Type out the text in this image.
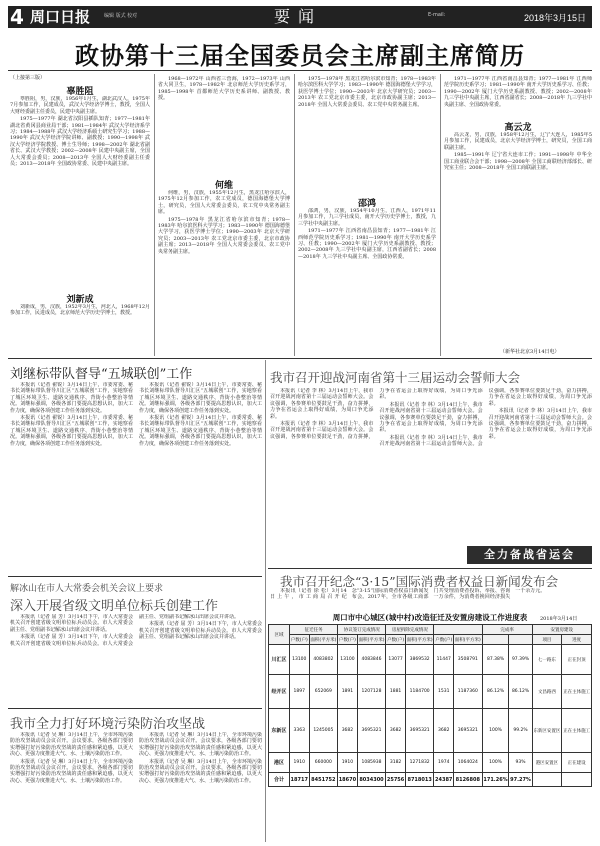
4 周口日报	编辑 版式 校对	要闻	E-mail:	2018年3月15日
政协第十三届全国委员会主席副主席简历
（上接第三版）
辜胜阻

辜胜阻，男，汉族，1956年1月生，湖北武汉人，1975年7月参加工作，民建成员，武汉大学经济学博士，教授，全国人大财经委副主任委员，民建中央副主席。

1975—1977年 湖北省汉阳县插队知青；1977—1981年 湖北省黄冈县商业局干部；1981—1984年 武汉大学经济系学习；1984—1988年 武汉大学经济系硕士研究生学习；1988—1990年 武汉大学经济学院讲师、副教授；1990—1998年 武汉大学经济学院教授、博士生导师；1998—2002年 湖北省副省长、武汉大学教授；2002—2008年 民建中央副主席，全国人大常委会委员；2008—2013年 全国人大财经委副主任委员；2013—2018年 全国政协常委、民建中央副主席。

刘新成

刘新成，男，汉族，1952年3月生，河北人，1968年12月参加工作，民进成员，北京师范大学历史学博士，教授。

1968—1972年 山西省三营海，1972—1973年 山西省大同卫生，1978—1982年 北京师范大学历史系学习，1985—1998年 首都师范大学历史系讲师、副教授、教授。

何维

何维，男，汉族，1955年12月生，黑龙江哈尔滨人，1975年12月参加工作，农工党成员，德国海德堡大学博士，研究员，全国人大常委会委员，农工党中央常务副主席。

1975—1978年 黑龙江省哈尔滨市知青；1978—1983年 哈尔滨医科大学学习；1983—1990年 德国海德堡大学学习，获医学博士学位；1990—2003年 北京大学研究员；2003—2013年 农工党北京市委主委，北京市政协副主席；2013—2018年 全国人大常委会委员、农工党中央常务副主席。

邵鸿

1975—1978年 黑龙江省哈尔滨市知青；1978—1983年 哈尔滨医科大学学习；1983—1990年 德国海德堡大学学习，获医学博士学位；1990—2003年 北京大学研究员；2003—2013年 农工党北京市委主委，北京市政协副主席；2013—2018年 全国人大常委会委员、农工党中央常务副主席。

邵鸿，男，汉族，1954年10月生，江西人，1971年11月参加工作，九三学社成员，南开大学历史学博士，教授，九三学社中央副主席。

1971—1977年 江西省南昌县知青；1977—1981年 江西师范学院历史系学习；1981—1990年 南开大学历史系学习、任教；1990—2002年 厦门大学历史系副教授、教授；2002—2008年 九三学社中央副主席，江西省副省长；2008—2018年 九三学社中央副主席、全国政协常委。

高云龙

1971—1977年 江西省南昌县知青；1977—1981年 江西师范学院历史系学习；1981—1990年 南开大学历史系学习、任教；1990—2002年 厦门大学历史系副教授、教授；2002—2008年 九三学社中央副主席，江西省副省长；2008—2018年 九三学社中央副主席、全国政协常委。

高云龙，男，汉族，1958年12月生，辽宁大连人，1985年5月参加工作，民建成员，北京大学经济学博士，研究员，全国工商联副主席。

1985—1991年 辽宁省大连市工作；1991—1998年 中华全国工商业联合会干部；1998—2008年 全国工商联经济部部长、研究室主任；2008—2018年 全国工商联副主席。

（新华社北京3月14日电）
刘继标带队督导“五城联创”工作

本报讯（记者 翟锐）3月14日上午，市委常委、秘书长刘继标带队督导川汇区“五城联创”工作，实地察看了城区环境卫生、道路交通秩序、背街小巷整治等情况。刘继标强调，各级各部门要提高思想认识，加大工作力度，确保各项创建工作任务落到实处。

本报讯（记者 翟锐）3月14日上午，市委常委、秘书长刘继标带队督导川汇区“五城联创”工作，实地察看了城区环境卫生、道路交通秩序、背街小巷整治等情况。刘继标强调，各级各部门要提高思想认识，加大工作力度，确保各项创建工作任务落到实处。

本报讯（记者 翟锐）3月14日上午，市委常委、秘书长刘继标带队督导川汇区“五城联创”工作，实地察看了城区环境卫生、道路交通秩序、背街小巷整治等情况。刘继标强调，各级各部门要提高思想认识，加大工作力度，确保各项创建工作任务落到实处。

本报讯（记者 翟锐）3月14日上午，市委常委、秘书长刘继标带队督导川汇区“五城联创”工作，实地察看了城区环境卫生、道路交通秩序、背街小巷整治等情况。刘继标强调，各级各部门要提高思想认识，加大工作力度，确保各项创建工作任务落到实处。

解冰山在市人大常委会机关会议上要求
深入开展省级文明单位标兵创建工作

本报讯（记者 屈 芳）3月14日下午，市人大常委会机关召开创建省级文明单位标兵动员会。市人大常委会副主任、党组副书记解冰山出席会议并讲话。

本报讯（记者 屈 芳）3月14日下午，市人大常委会机关召开创建省级文明单位标兵动员会。市人大常委会副主任、党组副书记解冰山出席会议并讲话。

本报讯（记者 屈 芳）3月14日下午，市人大常委会机关召开创建省级文明单位标兵动员会。市人大常委会副主任、党组副书记解冰山出席会议并讲话。

我市全力打好环境污染防治攻坚战

本报讯（记者 吴 琳）3月14日上午，全市环境污染防治攻坚战动员会议召开。会议要求，各级各部门要切实增强打好污染防治攻坚战的责任感和紧迫感，以更大决心、更强力度推进大气、水、土壤污染防治工作。

本报讯（记者 吴 琳）3月14日上午，全市环境污染防治攻坚战动员会议召开。会议要求，各级各部门要切实增强打好污染防治攻坚战的责任感和紧迫感，以更大决心、更强力度推进大气、水、土壤污染防治工作。

本报讯（记者 吴 琳）3月14日上午，全市环境污染防治攻坚战动员会议召开。会议要求，各级各部门要切实增强打好污染防治攻坚战的责任感和紧迫感，以更大决心、更强力度推进大气、水、土壤污染防治工作。

本报讯（记者 吴 琳）3月14日上午，全市环境污染防治攻坚战动员会议召开。会议要求，各级各部门要切实增强打好污染防治攻坚战的责任感和紧迫感，以更大决心、更强力度推进大气、水、土壤污染防治工作。

我市召开迎战河南省第十三届运动会誓师大会

本报讯（记者 李 林）3月14日上午，我市召开迎战河南省第十三届运动会誓师大会。会议强调，各参赛单位要鼓足干劲，奋力拼搏，力争在省运会上取得好成绩，为周口争光添彩。

本报讯（记者 李 林）3月14日上午，我市召开迎战河南省第十三届运动会誓师大会。会议强调，各参赛单位要鼓足干劲，奋力拼搏，力争在省运会上取得好成绩，为周口争光添彩。

本报讯（记者 李 林）3月14日上午，我市召开迎战河南省第十三届运动会誓师大会。会议强调，各参赛单位要鼓足干劲，奋力拼搏，力争在省运会上取得好成绩，为周口争光添彩。

本报讯（记者 李 林）3月14日上午，我市召开迎战河南省第十三届运动会誓师大会。会议强调，各参赛单位要鼓足干劲，奋力拼搏，力争在省运会上取得好成绩，为周口争光添彩。

本报讯（记者 李 林）3月14日上午，我市召开迎战河南省第十三届运动会誓师大会。会议强调，各参赛单位要鼓足干劲，奋力拼搏，力争在省运会上取得好成绩，为周口争光添彩。

全力备战省运会
我市召开纪念“3·15”国际消费者权益日新闻发布会

本报讯（记者 徐 松）3月14日上午，市工商局召开纪念“3·15”国际消费者权益日新闻发布会。2017年，全市各级工商部门共受理消费者投诉、举报、咨询一万余件，为消费者挽回经济损失一千余万元。

周口市中心城区(城中村)改造征迁及安置房建设工作进度表
区域	征迁任务		协议签订完成情况		房屋拆除完成情况				完成率		安置房建设	
	户数(户)	面积(平方米)	户数(户)	面积(平方米)	户数(户)	面积(平方米)	户数(户)	面积(平方米)			项目	进度
川汇区	13100	4083802	13100	4083846	13077	3869532	11447	3508791	87.38%	97.39%	七一路东	正在封顶
经开区	1897	652069	1891	1207128	1881	1184700	1531	1187360	86.12%	86.12%	文昌路西	正在主体施工
东新区	3363	1245005	3682	3695321	3682	3695321	3682	3695321	100%	99.2%	东新区安置区	正在主体施工
港区	1910	660000	1910	1085938	3182	1271832	1974	1064024	100%	93%	港区安置区	正在建设
合计	18717	8451752	18670	8034300	25756	8718013	24387	8126808	171.26%	97.27%		
2018年3月14日
